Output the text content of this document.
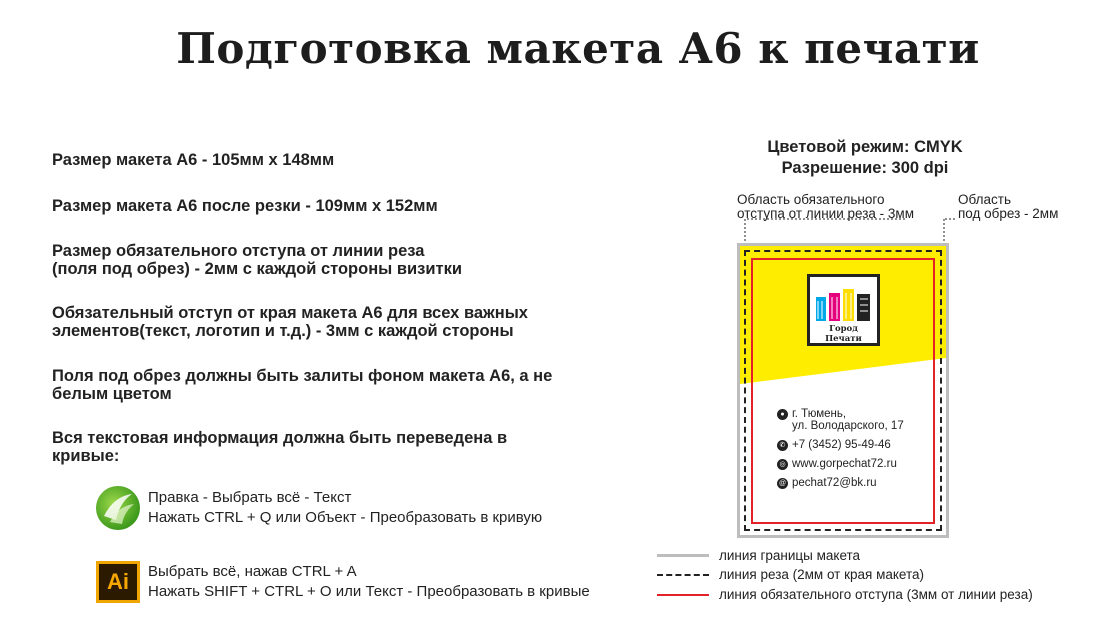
Подготовка макета А6 к печати
Размер макета А6 - 105мм х 148мм
Размер макета А6 после резки - 109мм х 152мм
Размер обязательного отступа от линии реза
(поля под обрез) - 2мм с каждой стороны визитки
Обязательный отступ от края макета А6 для всех важных
элементов(текст, логотип и т.д.) - 3мм с каждой стороны
Поля под обрез должны быть залиты фоном макета А6, а не
белым цветом
Вся текстовая информация должна быть переведена в
кривые:
Правка - Выбрать всё - Текст
Нажать CTRL + Q или Объект - Преобразовать в кривую
Ai	Выбрать всё, нажав CTRL + A
Нажать SHIFT + CTRL + O или Текст - Преобразовать в кривые
Цветовой режим: CMYK
Разрешение: 300 dpi
Область обязательного
отступа от линии реза - 3мм
Область
под обрез - 2мм
Город Печати
● г. Тюмень,
ул. Володарского, 17
✆ +7 (3452) 95-49-46
◎ www.gorpechat72.ru
@ pechat72@bk.ru
линия границы макета
линия реза (2мм от края макета)
линия обязательного отступа (3мм от линии реза)
